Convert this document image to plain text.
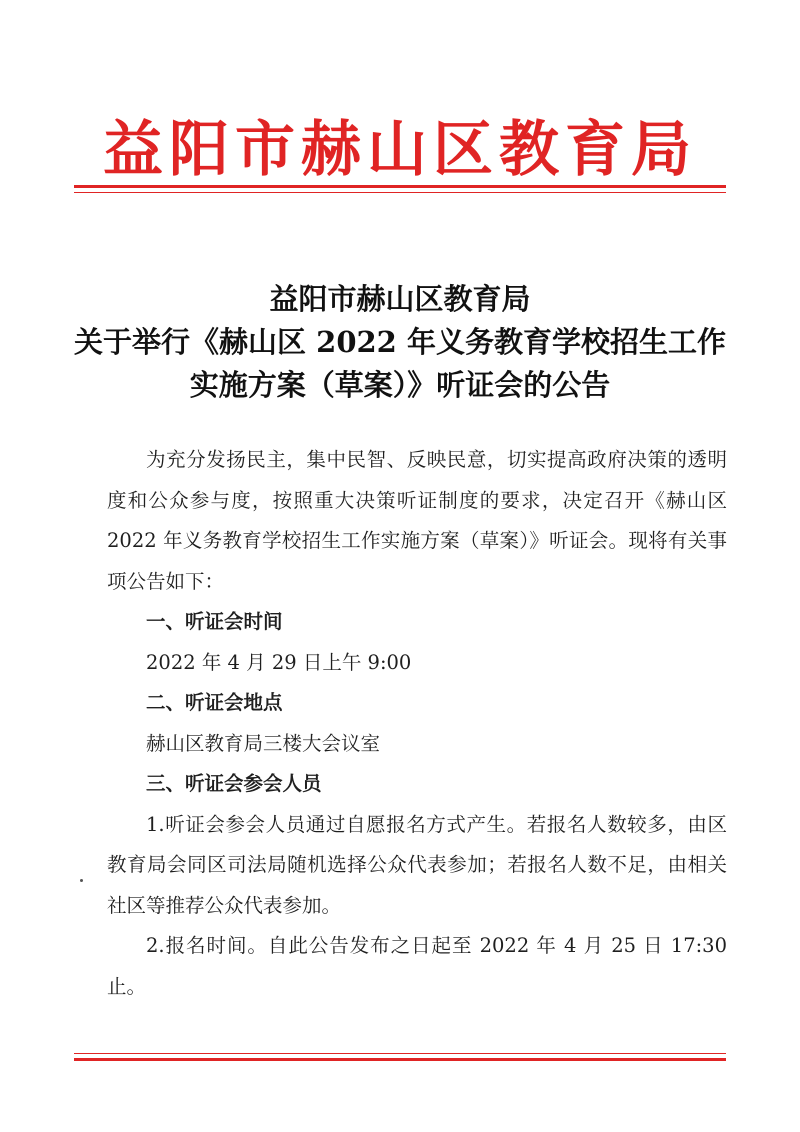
益阳市赫山区教育局
益阳市赫山区教育局
关于举行《赫山区 2022 年义务教育学校招生工作
实施方案（草案）》听证会的公告
为充分发扬民主，集中民智、反映民意，切实提高政府决策的透明度和公众参与度，按照重大决策听证制度的要求，决定召开《赫山区 2022 年义务教育学校招生工作实施方案（草案）》听证会。现将有关事项公告如下：
一、听证会时间
2022 年 4 月 29 日上午 9:00
二、听证会地点
赫山区教育局三楼大会议室
三、听证会参会人员
1.听证会参会人员通过自愿报名方式产生。若报名人数较多，由区教育局会同区司法局随机选择公众代表参加；若报名人数不足，由相关社区等推荐公众代表参加。
2.报名时间。自此公告发布之日起至 2022 年 4 月 25 日 17:30 止。
